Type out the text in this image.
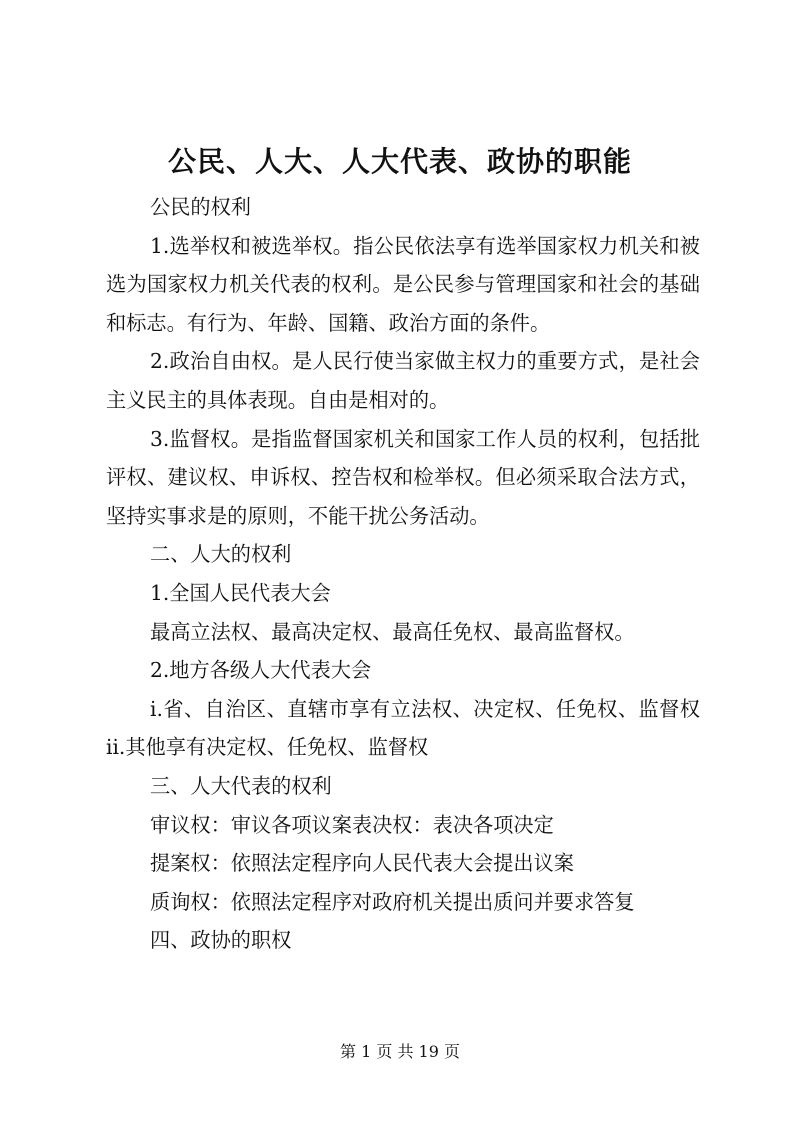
公民、人大、人大代表、政协的职能

公民的权利

1.选举权和被选举权。指公民依法享有选举国家权力机关和被选为国家权力机关代表的权利。是公民参与管理国家和社会的基础和标志。有行为、年龄、国籍、政治方面的条件。

2.政治自由权。是人民行使当家做主权力的重要方式，是社会主义民主的具体表现。自由是相对的。

3.监督权。是指监督国家机关和国家工作人员的权利，包括批评权、建议权、申诉权、控告权和检举权。但必须采取合法方式，坚持实事求是的原则，不能干扰公务活动。

二、人大的权利

1.全国人民代表大会

最高立法权、最高决定权、最高任免权、最高监督权。

2.地方各级人大代表大会

i.省、自治区、直辖市享有立法权、决定权、任免权、监督权 ii.其他享有决定权、任免权、监督权

三、人大代表的权利

审议权：审议各项议案表决权：表决各项决定

提案权：依照法定程序向人民代表大会提出议案

质询权：依照法定程序对政府机关提出质问并要求答复

四、政协的职权

第 1 页 共 19 页
